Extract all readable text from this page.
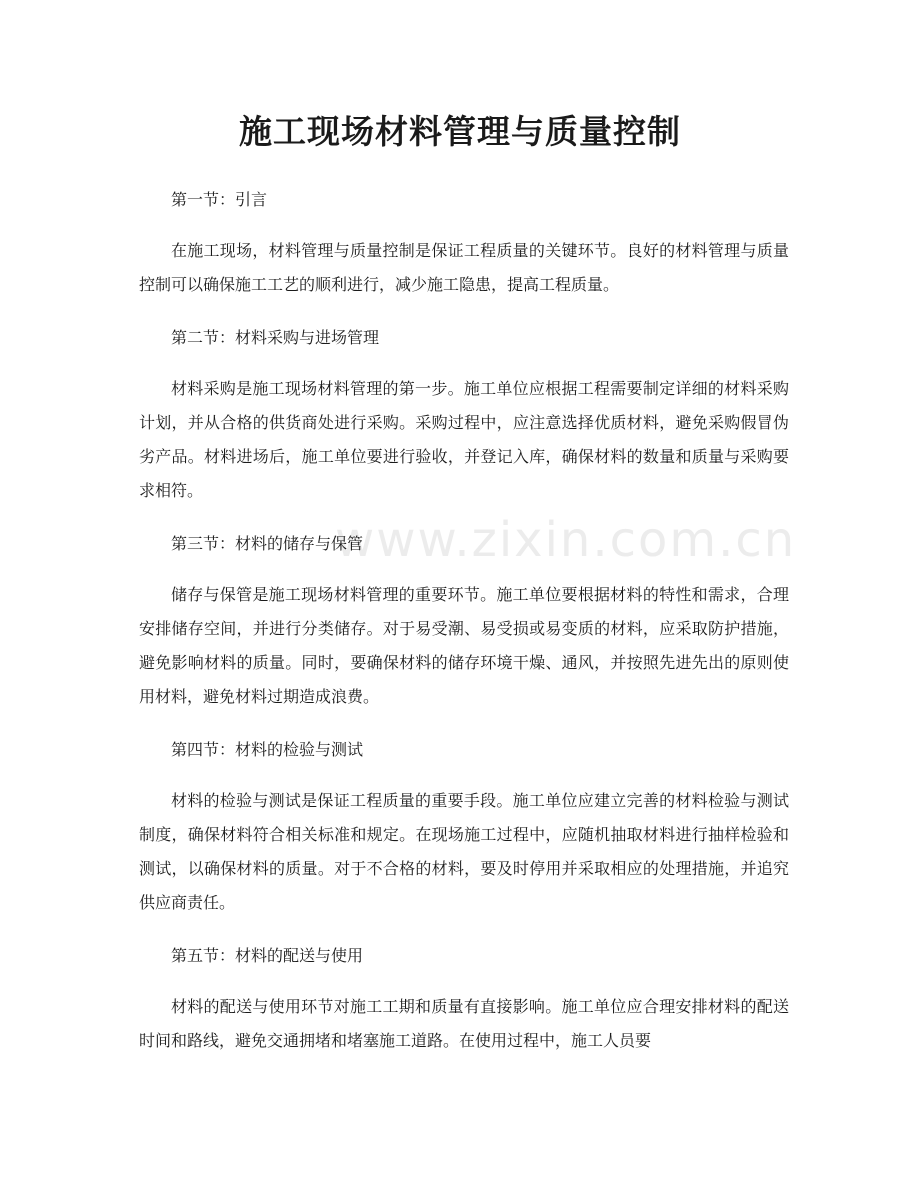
www.zixin.com.cn
施工现场材料管理与质量控制

第一节：引言

在施工现场，材料管理与质量控制是保证工程质量的关键环节。良好的材料管理与质量控制可以确保施工工艺的顺利进行，减少施工隐患，提高工程质量。

第二节：材料采购与进场管理

材料采购是施工现场材料管理的第一步。施工单位应根据工程需要制定详细的材料采购计划，并从合格的供货商处进行采购。采购过程中，应注意选择优质材料，避免采购假冒伪劣产品。材料进场后，施工单位要进行验收，并登记入库，确保材料的数量和质量与采购要求相符。

第三节：材料的储存与保管

储存与保管是施工现场材料管理的重要环节。施工单位要根据材料的特性和需求，合理安排储存空间，并进行分类储存。对于易受潮、易受损或易变质的材料，应采取防护措施，避免影响材料的质量。同时，要确保材料的储存环境干燥、通风，并按照先进先出的原则使用材料，避免材料过期造成浪费。

第四节：材料的检验与测试

材料的检验与测试是保证工程质量的重要手段。施工单位应建立完善的材料检验与测试制度，确保材料符合相关标准和规定。在现场施工过程中，应随机抽取材料进行抽样检验和测试，以确保材料的质量。对于不合格的材料，要及时停用并采取相应的处理措施，并追究供应商责任。

第五节：材料的配送与使用

材料的配送与使用环节对施工工期和质量有直接影响。施工单位应合理安排材料的配送时间和路线，避免交通拥堵和堵塞施工道路。在使用过程中，施工人员要
